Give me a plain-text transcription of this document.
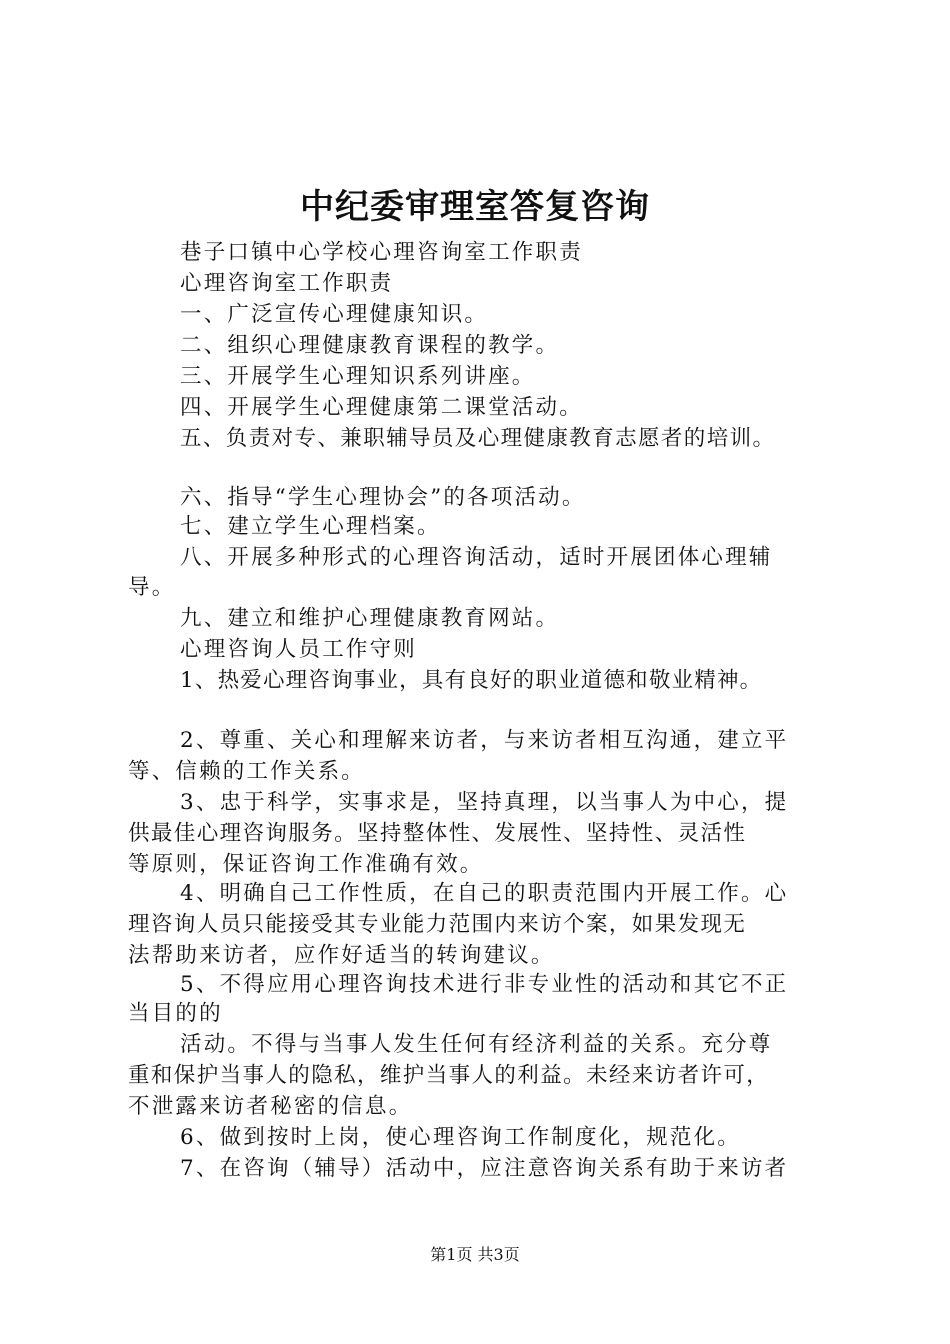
中纪委审理室答复咨询
巷子口镇中心学校心理咨询室工作职责
心理咨询室工作职责
一、广泛宣传心理健康知识。
二、组织心理健康教育课程的教学。
三、开展学生心理知识系列讲座。
四、开展学生心理健康第二课堂活动。
五、负责对专、兼职辅导员及心理健康教育志愿者的培训。
六、指导“学生心理协会”的各项活动。
七、建立学生心理档案。
八、开展多种形式的心理咨询活动，适时开展团体心理辅
导。
九、建立和维护心理健康教育网站。
心理咨询人员工作守则
1、热爱心理咨询事业，具有良好的职业道德和敬业精神。
2、尊重、关心和理解来访者，与来访者相互沟通，建立平
等、信赖的工作关系。
3、忠于科学，实事求是，坚持真理，以当事人为中心，提
供最佳心理咨询服务。坚持整体性、发展性、坚持性、灵活性
等原则，保证咨询工作准确有效。
4、明确自己工作性质，在自己的职责范围内开展工作。心
理咨询人员只能接受其专业能力范围内来访个案，如果发现无
法帮助来访者，应作好适当的转询建议。
5、不得应用心理咨询技术进行非专业性的活动和其它不正
当目的的
活动。不得与当事人发生任何有经济利益的关系。充分尊
重和保护当事人的隐私，维护当事人的利益。未经来访者许可，
不泄露来访者秘密的信息。
6、做到按时上岗，使心理咨询工作制度化，规范化。
7、在咨询（辅导）活动中，应注意咨询关系有助于来访者
第1页 共3页
